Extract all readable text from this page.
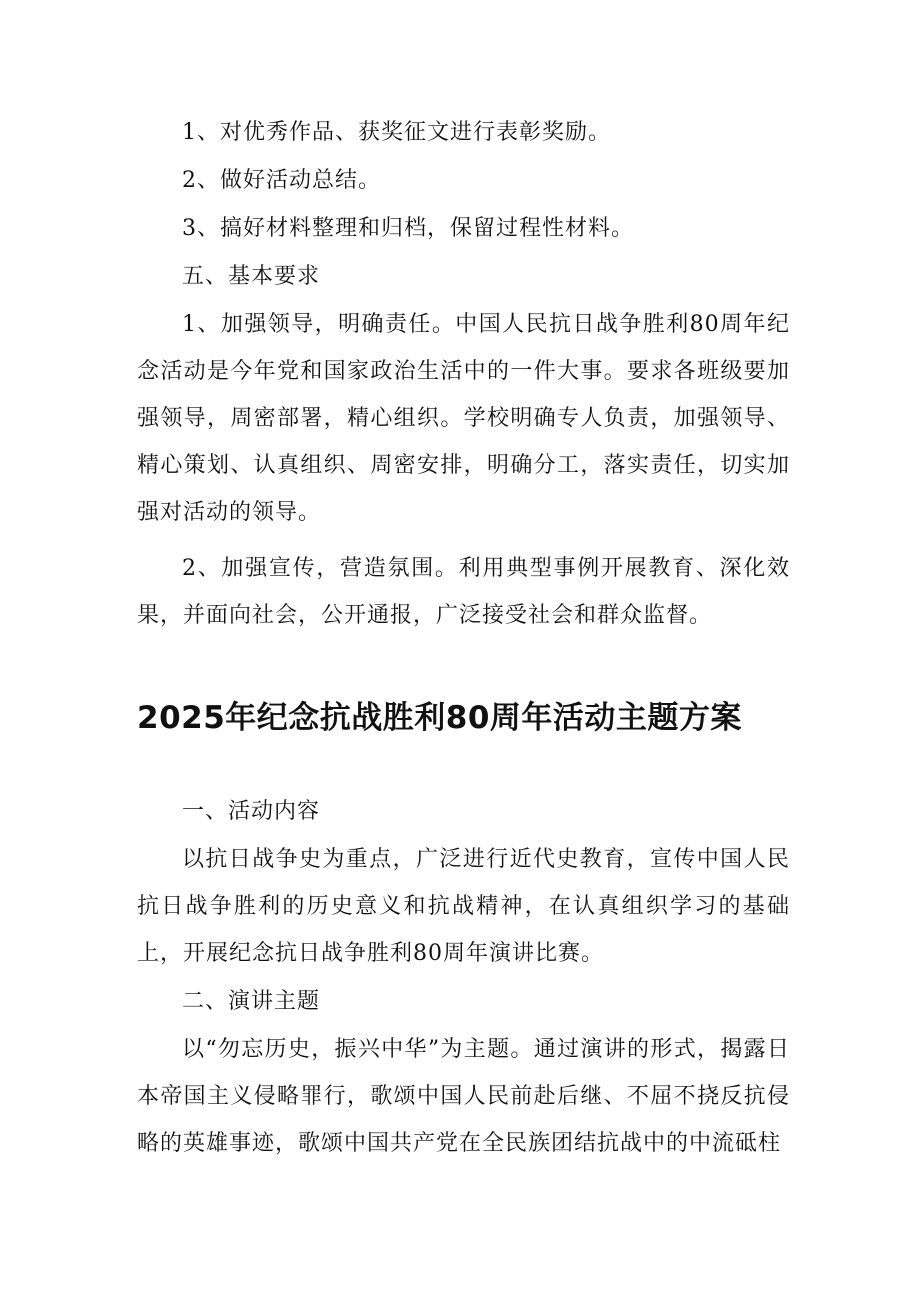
1、对优秀作品、获奖征文进行表彰奖励。

2、做好活动总结。

3、搞好材料整理和归档，保留过程性材料。

五、基本要求

1、加强领导，明确责任。中国人民抗日战争胜利80周年纪念活动是今年党和国家政治生活中的一件大事。要求各班级要加强领导，周密部署，精心组织。学校明确专人负责，加强领导、精心策划、认真组织、周密安排，明确分工，落实责任，切实加强对活动的领导。

2、加强宣传，营造氛围。利用典型事例开展教育、深化效果，并面向社会，公开通报，广泛接受社会和群众监督。

2025年纪念抗战胜利80周年活动主题方案

一、活动内容

以抗日战争史为重点，广泛进行近代史教育，宣传中国人民抗日战争胜利的历史意义和抗战精神，在认真组织学习的基础上，开展纪念抗日战争胜利80周年演讲比赛。

二、演讲主题

以“勿忘历史，振兴中华”为主题。通过演讲的形式，揭露日本帝国主义侵略罪行，歌颂中国人民前赴后继、不屈不挠反抗侵略的英雄事迹，歌颂中国共产党在全民族团结抗战中的中流砥柱
